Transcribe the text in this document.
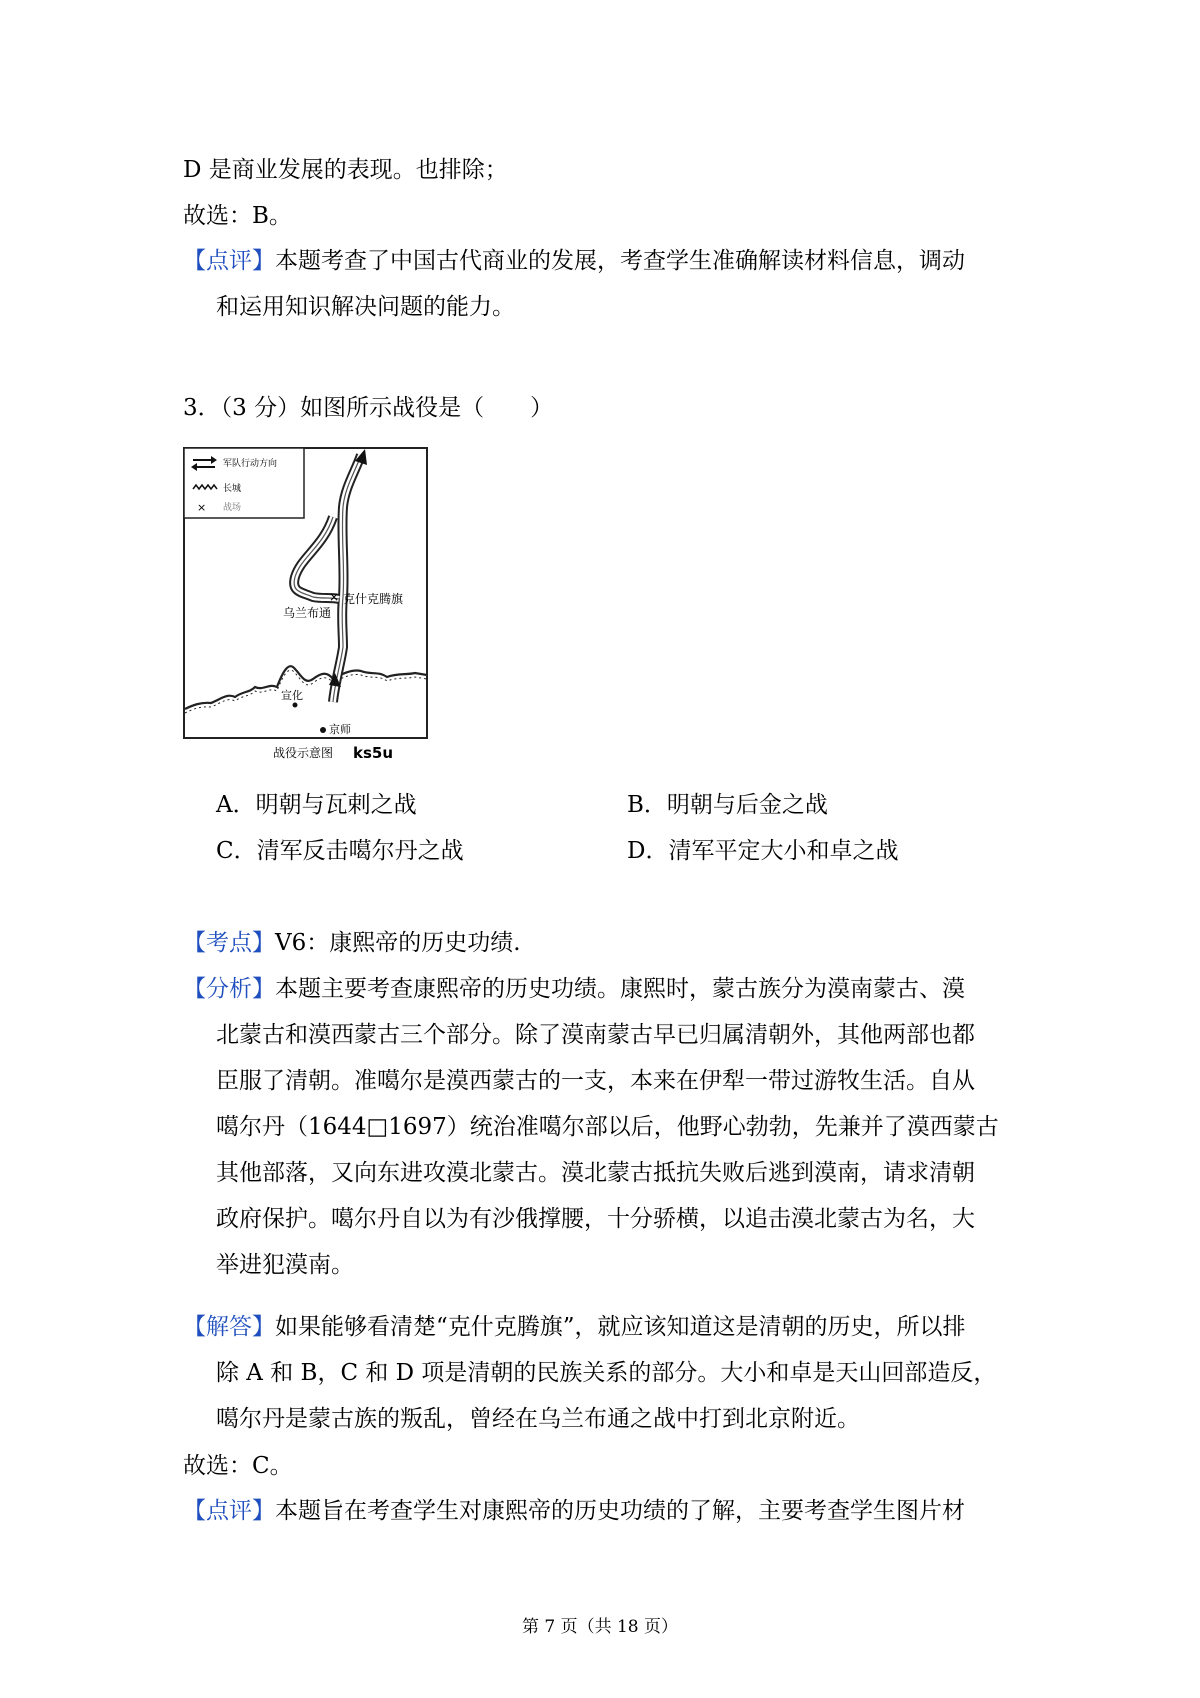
D 是商业发展的表现。也排除；
故选：B。
【点评】本题考查了中国古代商业的发展，考查学生准确解读材料信息，调动
和运用知识解决问题的能力。
3．（3 分）如图所示战役是（　　）
军队行动方向
长城
× 战场
× 克什克腾旗
乌兰布通
宣化
京师
战役示意图 ks5u
A．明朝与瓦剌之战	B．明朝与后金之战
C．清军反击噶尔丹之战	D．清军平定大小和卓之战
【考点】V6：康熙帝的历史功绩.
【分析】本题主要考查康熙帝的历史功绩。康熙时，蒙古族分为漠南蒙古、漠
北蒙古和漠西蒙古三个部分。除了漠南蒙古早已归属清朝外，其他两部也都
臣服了清朝。准噶尔是漠西蒙古的一支，本来在伊犁一带过游牧生活。自从
噶尔丹（1644□1697）统治准噶尔部以后，他野心勃勃，先兼并了漠西蒙古
其他部落，又向东进攻漠北蒙古。漠北蒙古抵抗失败后逃到漠南，请求清朝
政府保护。噶尔丹自以为有沙俄撑腰，十分骄横，以追击漠北蒙古为名，大
举进犯漠南。
【解答】如果能够看清楚“克什克腾旗”，就应该知道这是清朝的历史，所以排
除 A 和 B，C 和 D 项是清朝的民族关系的部分。大小和卓是天山回部造反，
噶尔丹是蒙古族的叛乱，曾经在乌兰布通之战中打到北京附近。
故选：C。
【点评】本题旨在考查学生对康熙帝的历史功绩的了解，主要考查学生图片材
第 7 页（共 18 页）
